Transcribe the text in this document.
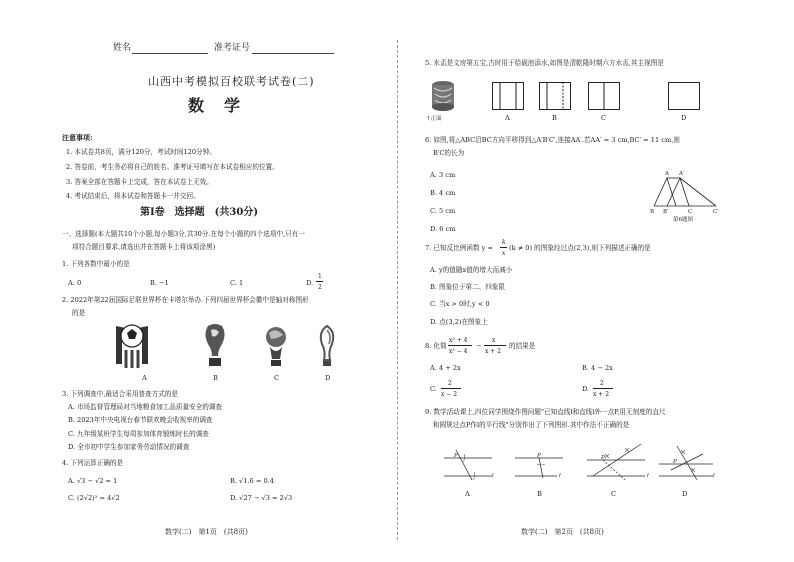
姓名	准考证号
山西中考模拟百校联考试卷(二)
数学
注意事项:
1. 本试卷共8页，满分120分，考试时间120分钟。
2. 答卷前，考生务必将自己的姓名、准考证号填写在本试卷相应的位置。
3. 答案全部在答题卡上完成，答在本试卷上无效。
4. 考试结束后，将本试卷和答题卡一并交回。
第Ⅰ卷　选择题　(共30分)
一、选择题(本大题共10个小题,每小题3分,共30分.在每个小题的四个选项中,只有一
项符合题目要求,请选出并在答题卡上将该项涂黑)
1. 下列各数中最小的是
A. 0	B. −1	C. 1	D.
1
2
2. 2022年第22届国际足联世界杯在卡塔尔举办.下列四届世界杯会徽中是轴对称图形
的是
A	B	C	D
3. 下列调查中,最适合采用普查方式的是
A. 市场监督管理局对当地粮食加工品质量安全的调查
B. 2023年中央电视台春节联欢晚会收视率的调查
C. 九年级某班学生每周参加体育锻炼时长的调查
D. 全市初中学生参加家务劳动情况的调查
4. 下列运算正确的是
A. √3 − √2 = 1	B. √1.6 = 0.4
C. (2√2)² = 4√2	D. √27 − √3 = 2√3
数学(二)　第1页　(共8页)
5. 水盂是文房第五宝,古时用于给砚池添水,如图是清乾隆时期六方水盂,其主视图是
↑正面	A	B	C	D
6. 如图,将△ABC沿BC方向平移得到△A′B′C′,连接AA′.若AA′ = 3 cm,BC′ = 11 cm,则
B′C的长为
A. 3 cm
B. 4 cm
C. 5 cm
D. 6 cm
A A′
B B′	C	C′
第6题图
7. 已知反比例函数 y =
k
x
(k ≠ 0) 的图象经过点(2,3),则下列描述正确的是
A. y的值随x值的增大而减小
B. 图象位于第二、四象限
C. 当x > 0时,y < 0
D. 点(3,2)在图象上
8. 化简
x² + 4
x² − 4
−
x
x + 2
的结果是
A. 4 + 2x	B. 4 − 2x
C.
2
x − 2
D.
2
x + 2
9. 数学活动课上,四位同学围绕作图问题"已知直线l和直线l外一点P,用无刻度的直尺
和圆规过点P作l的平行线"分别作出了下列图形.其中作法不正确的是
P
l
P
l
P
l
P
l
A	B	C	D
数学(二)　第2页　(共8页)
